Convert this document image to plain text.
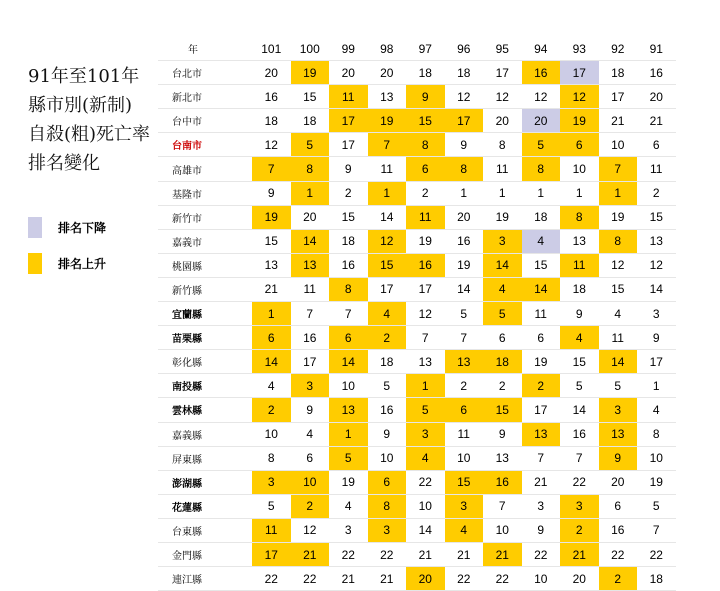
91年至101年
縣市別(新制)
自殺(粗)死亡率
排名變化
排名下降
排名上升
年	101	100	99	98	97	96	95	94	93	92	91
台北市	20	19	20	20	18	18	17	16	17	18	16
新北市	16	15	11	13	9	12	12	12	12	17	20
台中市	18	18	17	19	15	17	20	20	19	21	21
台南市	12	5	17	7	8	9	8	5	6	10	6
高雄市	7	8	9	11	6	8	11	8	10	7	11
基隆市	9	1	2	1	2	1	1	1	1	1	2
新竹市	19	20	15	14	11	20	19	18	8	19	15
嘉義市	15	14	18	12	19	16	3	4	13	8	13
桃園縣	13	13	16	15	16	19	14	15	11	12	12
新竹縣	21	11	8	17	17	14	4	14	18	15	14
宜蘭縣	1	7	7	4	12	5	5	11	9	4	3
苗栗縣	6	16	6	2	7	7	6	6	4	11	9
彰化縣	14	17	14	18	13	13	18	19	15	14	17
南投縣	4	3	10	5	1	2	2	2	5	5	1
雲林縣	2	9	13	16	5	6	15	17	14	3	4
嘉義縣	10	4	1	9	3	11	9	13	16	13	8
屏東縣	8	6	5	10	4	10	13	7	7	9	10
澎湖縣	3	10	19	6	22	15	16	21	22	20	19
花蓮縣	5	2	4	8	10	3	7	3	3	6	5
台東縣	11	12	3	3	14	4	10	9	2	16	7
金門縣	17	21	22	22	21	21	21	22	21	22	22
連江縣	22	22	21	21	20	22	22	10	20	2	18
